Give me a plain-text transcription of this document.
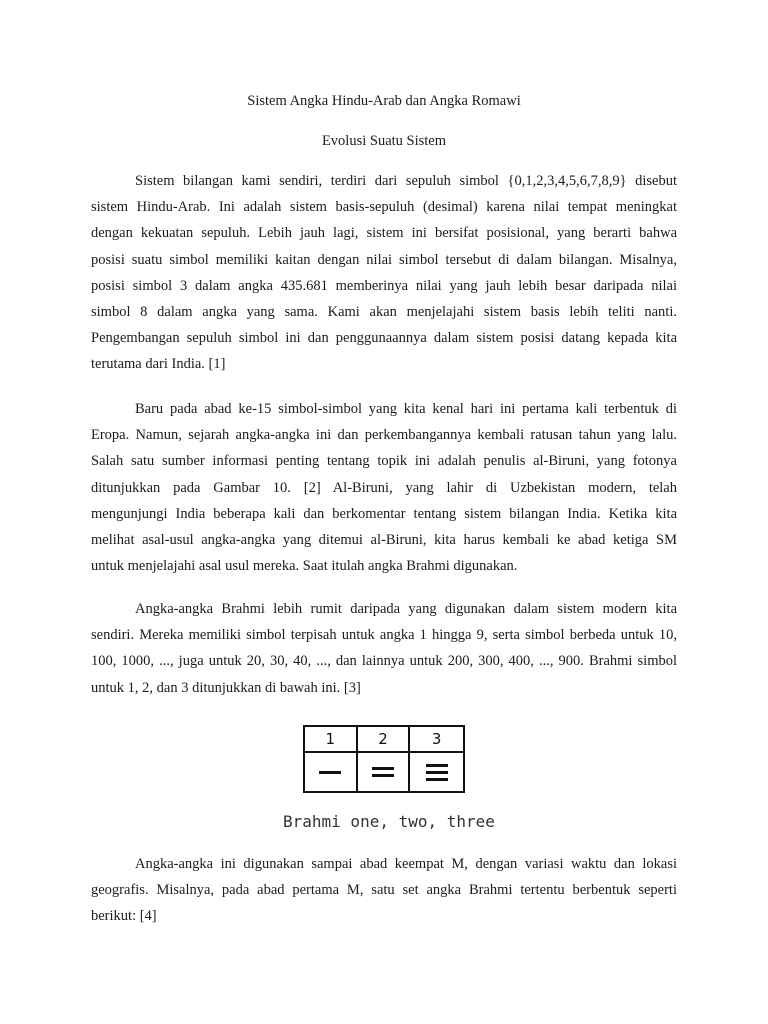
Sistem Angka Hindu-Arab dan Angka Romawi
Evolusi Suatu Sistem
Sistem bilangan kami sendiri, terdiri dari sepuluh simbol {0,1,2,3,4,5,6,7,8,9} disebut
sistem Hindu-Arab. Ini adalah sistem basis-sepuluh (desimal) karena nilai tempat meningkat
dengan kekuatan sepuluh. Lebih jauh lagi, sistem ini bersifat posisional, yang berarti bahwa
posisi suatu simbol memiliki kaitan dengan nilai simbol tersebut di dalam bilangan. Misalnya,
posisi simbol 3 dalam angka 435.681 memberinya nilai yang jauh lebih besar daripada nilai
simbol 8 dalam angka yang sama. Kami akan menjelajahi sistem basis lebih teliti nanti.
Pengembangan sepuluh simbol ini dan penggunaannya dalam sistem posisi datang kepada kita
terutama dari India. [1]
Baru pada abad ke-15 simbol-simbol yang kita kenal hari ini pertama kali terbentuk di
Eropa. Namun, sejarah angka-angka ini dan perkembangannya kembali ratusan tahun yang lalu.
Salah satu sumber informasi penting tentang topik ini adalah penulis al-Biruni, yang fotonya
ditunjukkan pada Gambar 10. [2] Al-Biruni, yang lahir di Uzbekistan modern, telah
mengunjungi India beberapa kali dan berkomentar tentang sistem bilangan India. Ketika kita
melihat asal-usul angka-angka yang ditemui al-Biruni, kita harus kembali ke abad ketiga SM
untuk menjelajahi asal usul mereka. Saat itulah angka Brahmi digunakan.
Angka-angka Brahmi lebih rumit daripada yang digunakan dalam sistem modern kita
sendiri. Mereka memiliki simbol terpisah untuk angka 1 hingga 9, serta simbol berbeda untuk 10,
100, 1000, ..., juga untuk 20, 30, 40, ..., dan lainnya untuk 200, 300, 400, ..., 900. Brahmi simbol
untuk 1, 2, dan 3 ditunjukkan di bawah ini. [3]
1	2	3
Brahmi one, two, three
Angka-angka ini digunakan sampai abad keempat M, dengan variasi waktu dan lokasi
geografis. Misalnya, pada abad pertama M, satu set angka Brahmi tertentu berbentuk seperti
berikut: [4]
